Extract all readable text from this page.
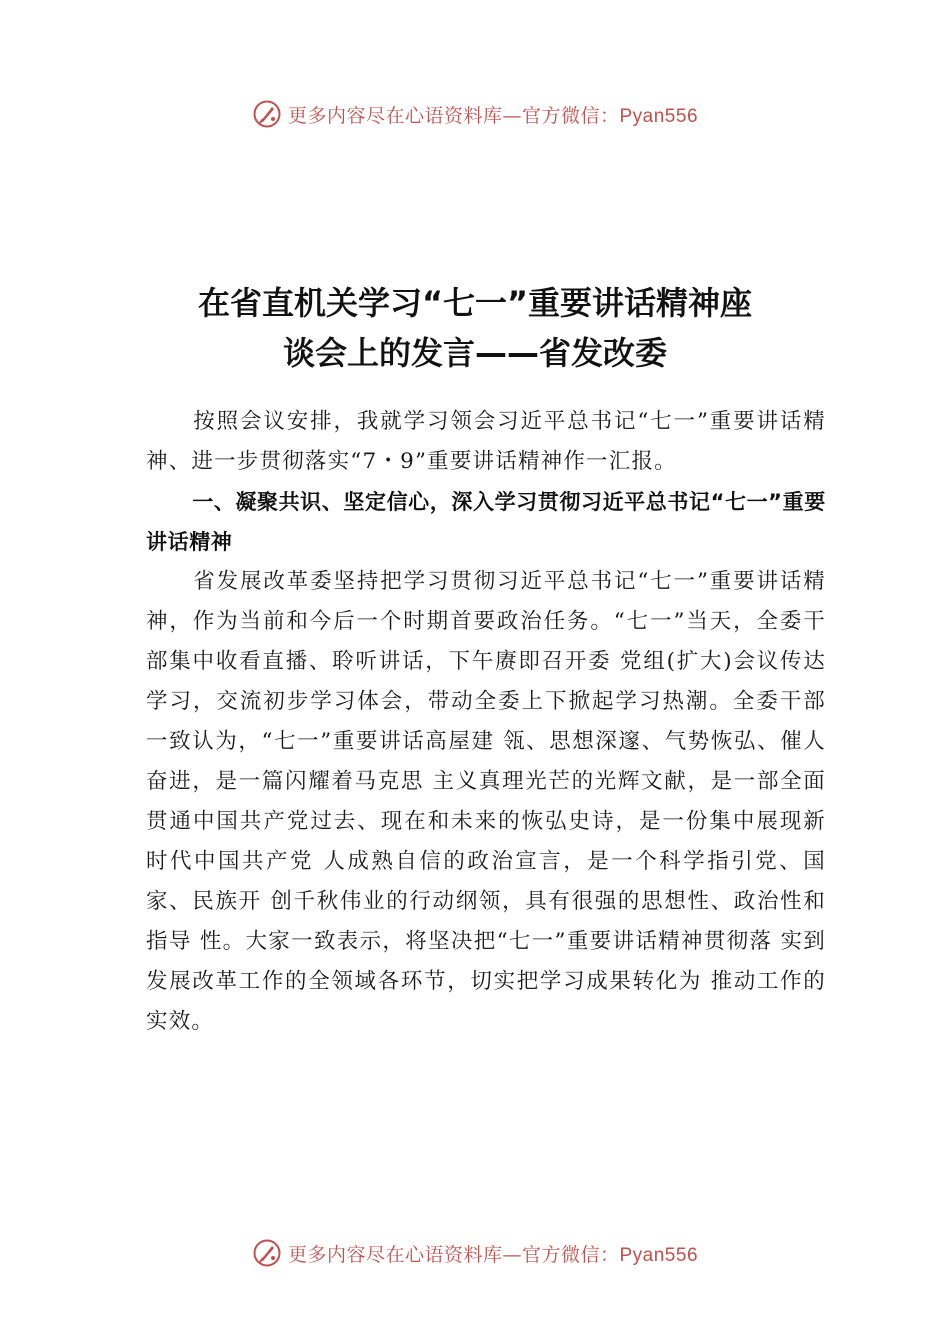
更多内容尽在心语资料库—官方微信：Pyan556
在省直机关学习“七一”重要讲话精神座
谈会上的发言——省发改委

按照会议安排，我就学习领会习近平总书记“七一”重要讲话精神、进一步贯彻落实“7・9”重要讲话精神作一汇报。

一、凝聚共识、坚定信心，深入学习贯彻习近平总书记“七一”重要讲话精神

省发展改革委坚持把学习贯彻习近平总书记“七一”重要讲话精神，作为当前和今后一个时期首要政治任务。“七一”当天，全委干部集中收看直播、聆听讲话，下午赓即召开委 党组(扩大)会议传达学习，交流初步学习体会，带动全委上下掀起学习热潮。全委干部一致认为，“七一”重要讲话高屋建 瓴、思想深邃、气势恢弘、催人奋进，是一篇闪耀着马克思 主义真理光芒的光辉文献，是一部全面贯通中国共产党过去、现在和未来的恢弘史诗，是一份集中展现新时代中国共产党 人成熟自信的政治宣言，是一个科学指引党、国家、民族开 创千秋伟业的行动纲领，具有很强的思想性、政治性和指导 性。大家一致表示，将坚决把“七一”重要讲话精神贯彻落 实到发展改革工作的全领域各环节，切实把学习成果转化为 推动工作的实效。

更多内容尽在心语资料库—官方微信：Pyan556
